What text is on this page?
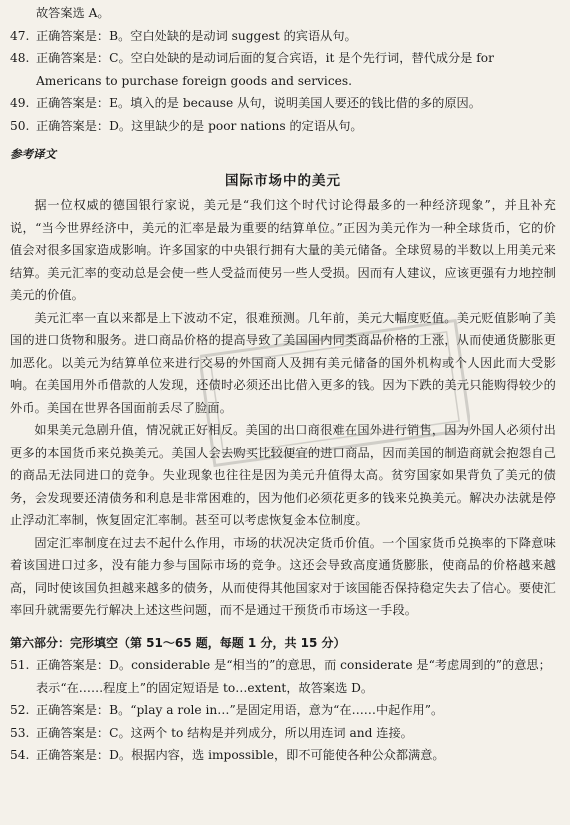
故答案选 A。
47. 正确答案是：B。空白处缺的是动词 suggest 的宾语从句。
48. 正确答案是：C。空白处缺的是动词后面的复合宾语，it 是个先行词，替代成分是 for Americans to purchase foreign goods and services.
49. 正确答案是：E。填入的是 because 从句，说明美国人要还的钱比借的多的原因。
50. 正确答案是：D。这里缺少的是 poor nations 的定语从句。
参考译文
国际市场中的美元

据一位权威的德国银行家说，美元是“我们这个时代讨论得最多的一种经济现象”，并且补充说，“当今世界经济中，美元的汇率是最为重要的结算单位。”正因为美元作为一种全球货币，它的价值会对很多国家造成影响。许多国家的中央银行拥有大量的美元储备。全球贸易的半数以上用美元来结算。美元汇率的变动总是会使一些人受益而使另一些人受损。因而有人建议，应该更强有力地控制美元的价值。

美元汇率一直以来都是上下波动不定，很难预测。几年前，美元大幅度贬值。美元贬值影响了美国的进口货物和服务。进口商品价格的提高导致了美国国内同类商品价格的上涨，从而使通货膨胀更加恶化。以美元为结算单位来进行交易的外国商人及拥有美元储备的国外机构或个人因此而大受影响。在美国用外币借款的人发现，还债时必须还出比借入更多的钱。因为下跌的美元只能购得较少的外币。美国在世界各国面前丢尽了脸面。

如果美元急剧升值，情况就正好相反。美国的出口商很难在国外进行销售，因为外国人必须付出更多的本国货币来兑换美元。美国人会去购买比较便宜的进口商品，因而美国的制造商就会抱怨自己的商品无法同进口的竞争。失业现象也往往是因为美元升值得太高。贫穷国家如果背负了美元的债务，会发现要还清债务和利息是非常困难的，因为他们必须花更多的钱来兑换美元。解决办法就是停止浮动汇率制，恢复固定汇率制。甚至可以考虑恢复金本位制度。

固定汇率制度在过去不起什么作用，市场的状况决定货币价值。一个国家货币兑换率的下降意味着该国进口过多，没有能力参与国际市场的竞争。这还会导致高度通货膨胀，使商品的价格越来越高，同时使该国负担越来越多的债务，从而使得其他国家对于该国能否保持稳定失去了信心。要使汇率回升就需要先行解决上述这些问题，而不是通过干预货币市场这一手段。

第六部分：完形填空（第 51～65 题，每题 1 分，共 15 分）
51. 正确答案是：D。considerable 是“相当的”的意思，而 considerate 是“考虑周到的”的意思；表示“在……程度上”的固定短语是 to…extent，故答案选 D。
52. 正确答案是：B。“play a role in…”是固定用语，意为“在……中起作用”。
53. 正确答案是：C。这两个 to 结构是并列成分，所以用连词 and 连接。
54. 正确答案是：D。根据内容，选 impossible，即不可能使各种公众都满意。
